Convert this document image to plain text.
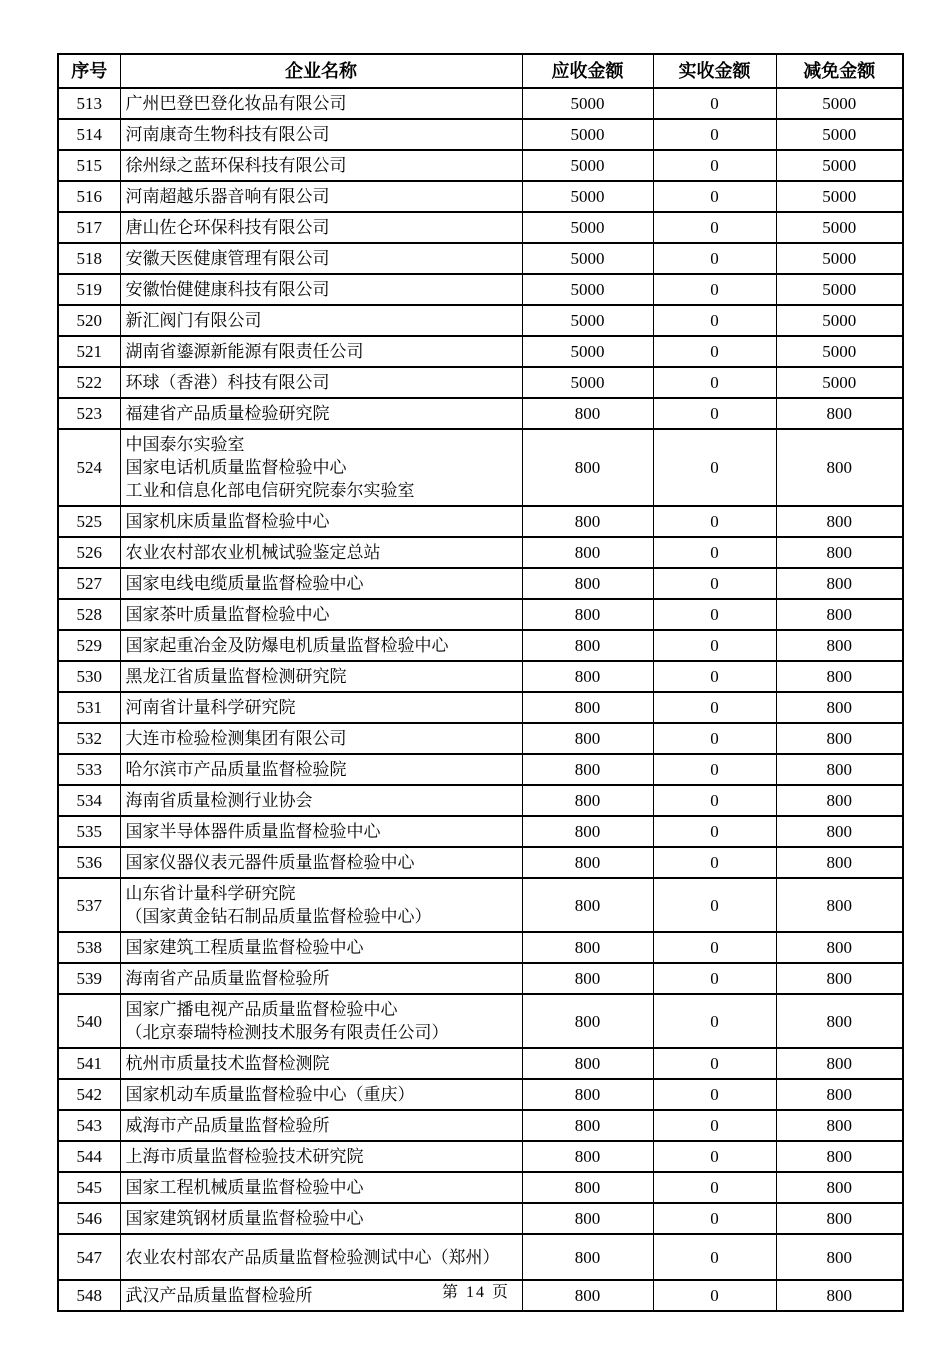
序号	企业名称	应收金额	实收金额	减免金额
513	广州巴登巴登化妆品有限公司	5000	0	5000
514	河南康奇生物科技有限公司	5000	0	5000
515	徐州绿之蓝环保科技有限公司	5000	0	5000
516	河南超越乐器音响有限公司	5000	0	5000
517	唐山佐仑环保科技有限公司	5000	0	5000
518	安徽天医健康管理有限公司	5000	0	5000
519	安徽怡健健康科技有限公司	5000	0	5000
520	新汇阀门有限公司	5000	0	5000
521	湖南省鎏源新能源有限责任公司	5000	0	5000
522	环球（香港）科技有限公司	5000	0	5000
523	福建省产品质量检验研究院	800	0	800
524	中国泰尔实验室
国家电话机质量监督检验中心
工业和信息化部电信研究院泰尔实验室	800	0	800
525	国家机床质量监督检验中心	800	0	800
526	农业农村部农业机械试验鉴定总站	800	0	800
527	国家电线电缆质量监督检验中心	800	0	800
528	国家茶叶质量监督检验中心	800	0	800
529	国家起重冶金及防爆电机质量监督检验中心	800	0	800
530	黑龙江省质量监督检测研究院	800	0	800
531	河南省计量科学研究院	800	0	800
532	大连市检验检测集团有限公司	800	0	800
533	哈尔滨市产品质量监督检验院	800	0	800
534	海南省质量检测行业协会	800	0	800
535	国家半导体器件质量监督检验中心	800	0	800
536	国家仪器仪表元器件质量监督检验中心	800	0	800
537	山东省计量科学研究院
（国家黄金钻石制品质量监督检验中心）	800	0	800
538	国家建筑工程质量监督检验中心	800	0	800
539	海南省产品质量监督检验所	800	0	800
540	国家广播电视产品质量监督检验中心
（北京泰瑞特检测技术服务有限责任公司）	800	0	800
541	杭州市质量技术监督检测院	800	0	800
542	国家机动车质量监督检验中心（重庆）	800	0	800
543	威海市产品质量监督检验所	800	0	800
544	上海市质量监督检验技术研究院	800	0	800
545	国家工程机械质量监督检验中心	800	0	800
546	国家建筑钢材质量监督检验中心	800	0	800
547	农业农村部农产品质量监督检验测试中心（郑州）	800	0	800
548	武汉产品质量监督检验所	800	0	800
第 14 页
